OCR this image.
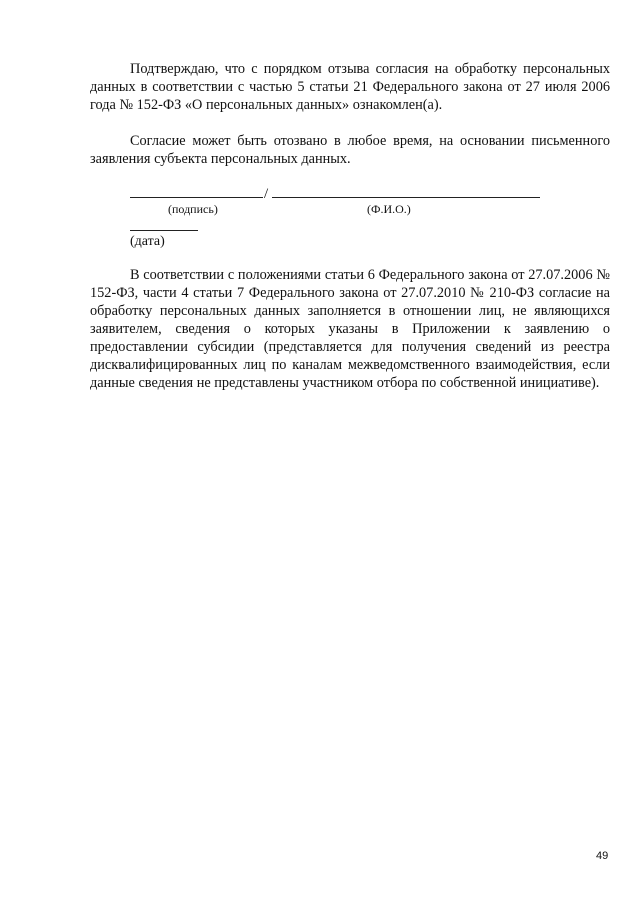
Подтверждаю, что с порядком отзыва согласия на обработку персональных данных в соответствии с частью 5 статьи 21 Федерального закона от 27 июля 2006 года № 152-ФЗ «О персональных данных» ознакомлен(а).

Согласие может быть отозвано в любое время, на основании письменного заявления субъекта персональных данных.

/
(подпись)	(Ф.И.О.)
(дата)

В соответствии с положениями статьи 6 Федерального закона от 27.07.2006 № 152-ФЗ, части 4 статьи 7 Федерального закона от 27.07.2010 № 210-ФЗ согласие на обработку персональных данных заполняется в отношении лиц, не являющихся заявителем, сведения о которых указаны в Приложении к заявлению о предоставлении субсидии (представляется для получения сведений из реестра дисквалифицированных лиц по каналам межведомственного взаимодействия, если данные сведения не представлены участником отбора по собственной инициативе).

49
